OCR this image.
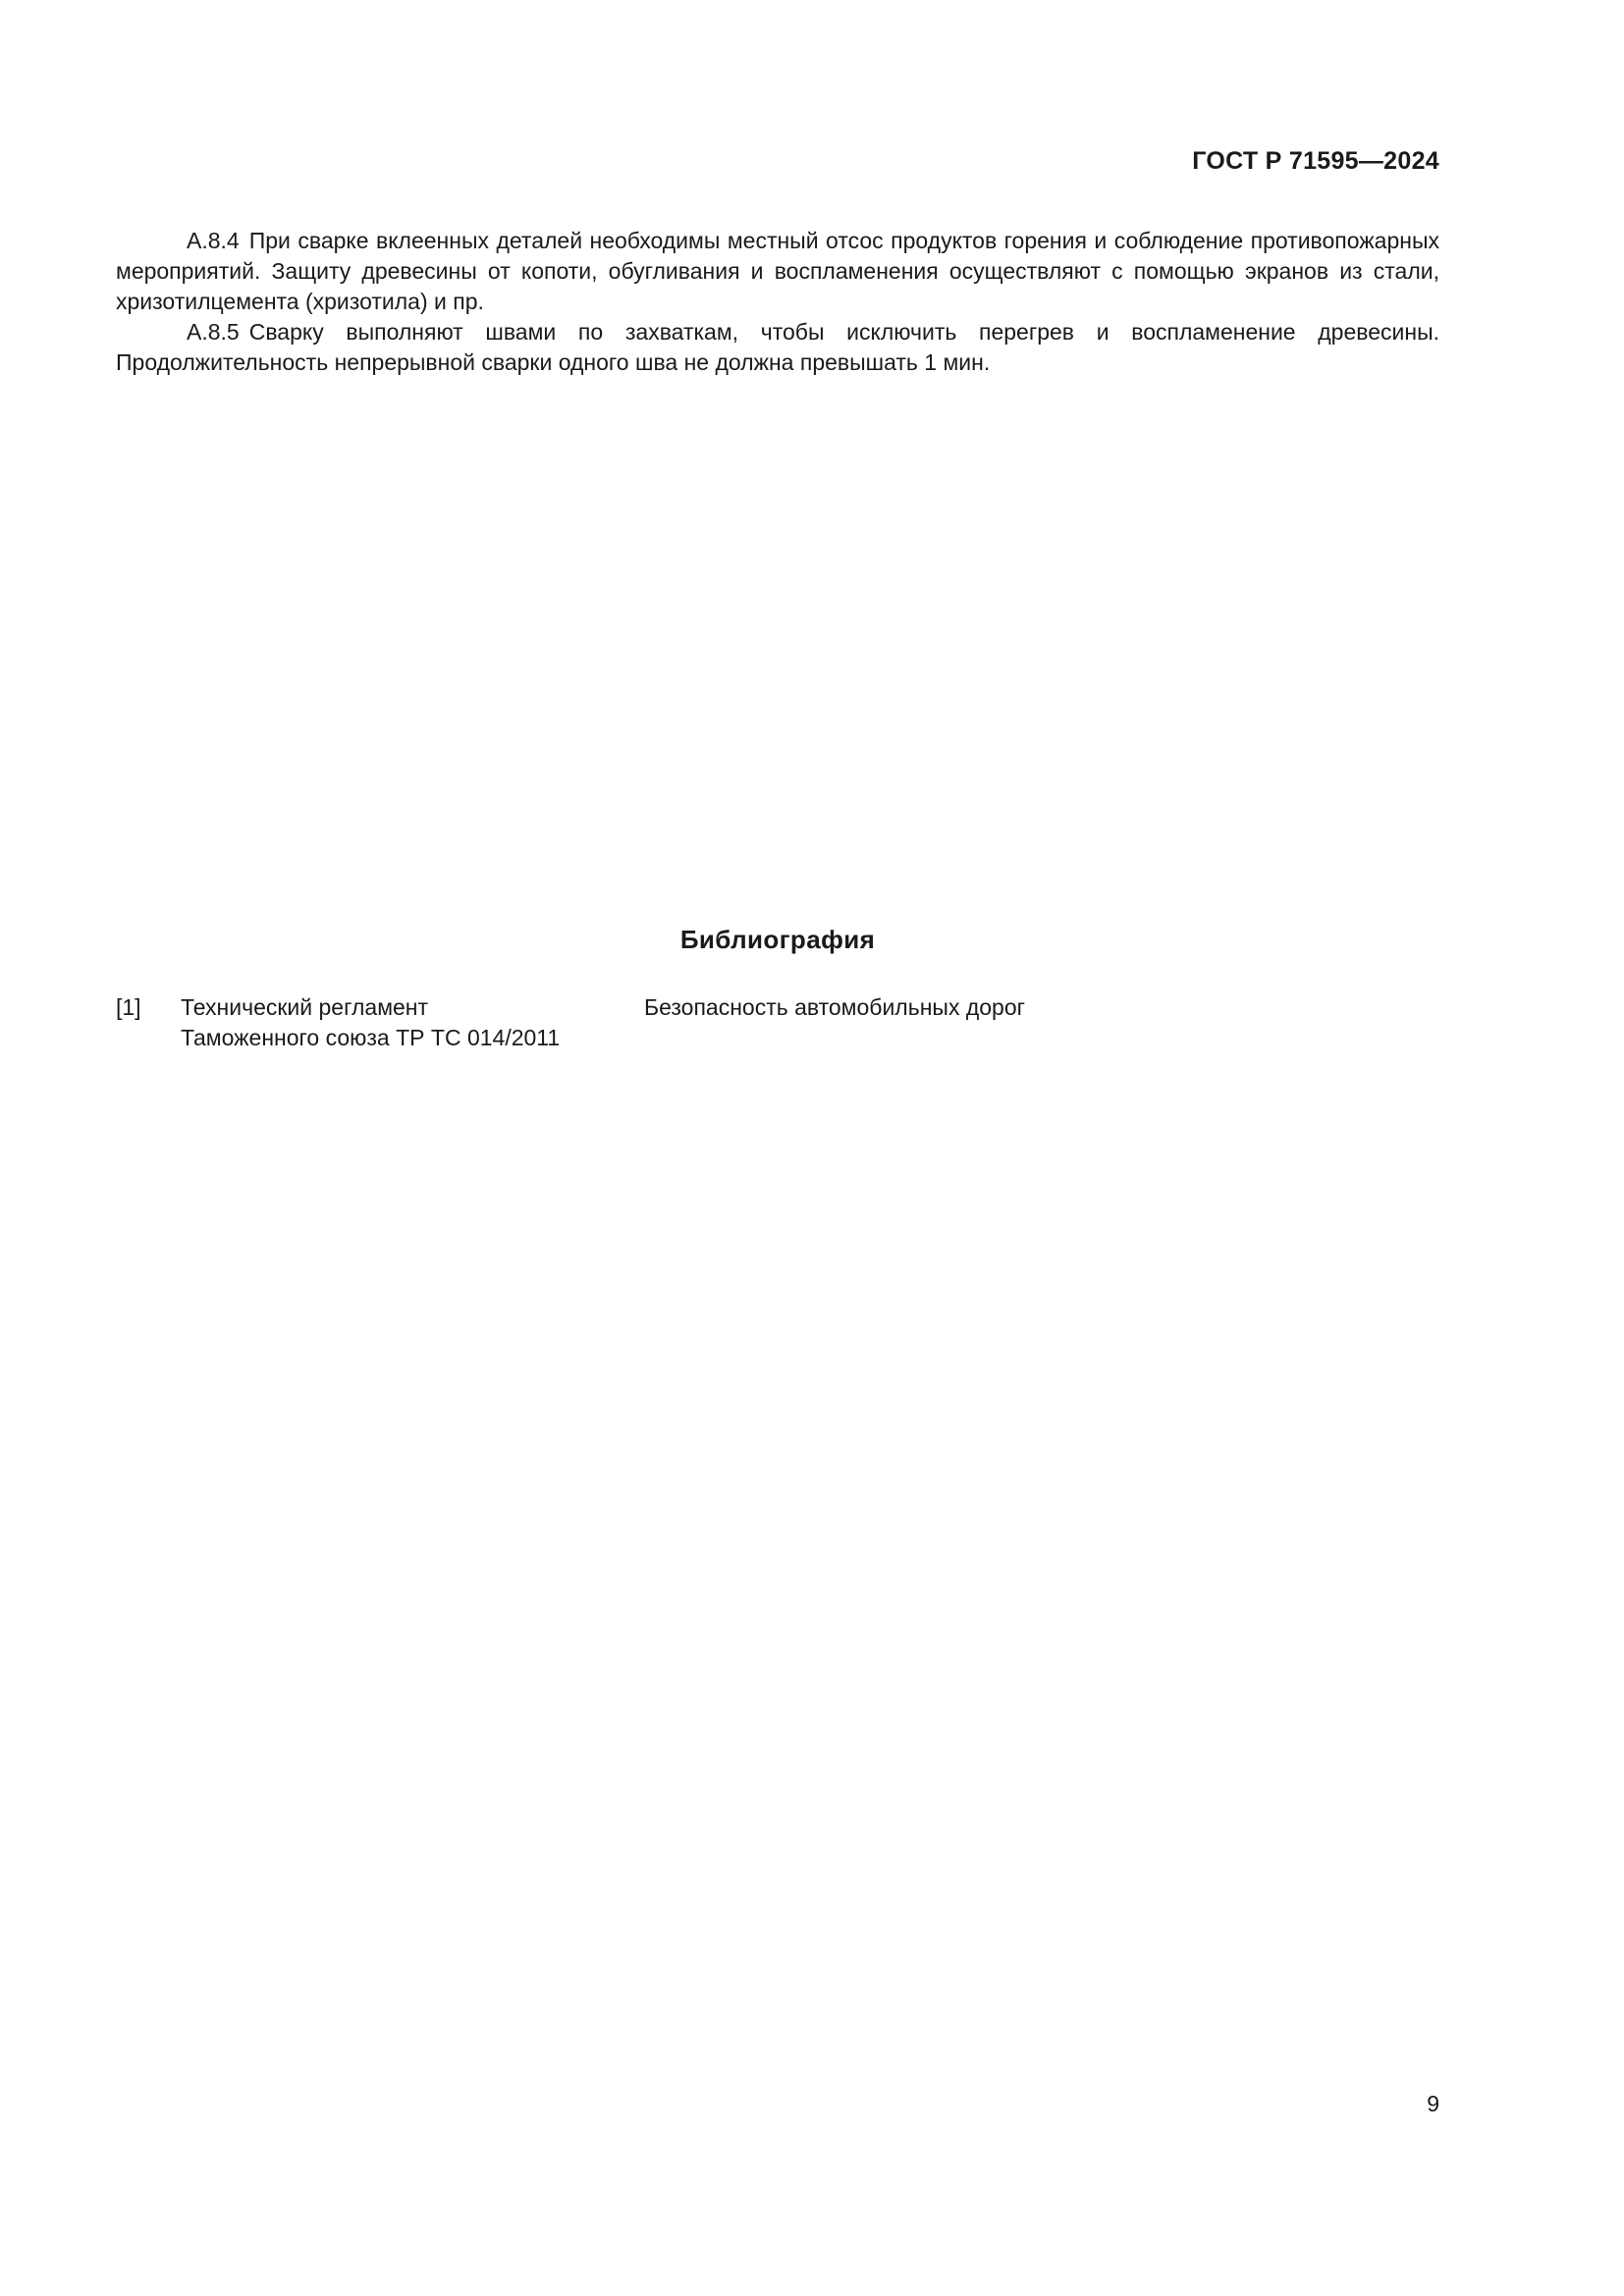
ГОСТ Р 71595—2024

А.8.4 При сварке вклеенных деталей необходимы местный отсос продуктов горения и соблюдение противопожарных мероприятий. Защиту древесины от копоти, обугливания и воспламенения осуществляют с помощью экранов из стали, хризотилцемента (хризотила) и пр.

А.8.5 Сварку выполняют швами по захваткам, чтобы исключить перегрев и воспламенение древесины. Продолжительность непрерывной сварки одного шва не должна превышать 1 мин.

Библиография
[1] Технический регламент
Таможенного союза ТР ТС 014/2011
Безопасность автомобильных дорог
9
